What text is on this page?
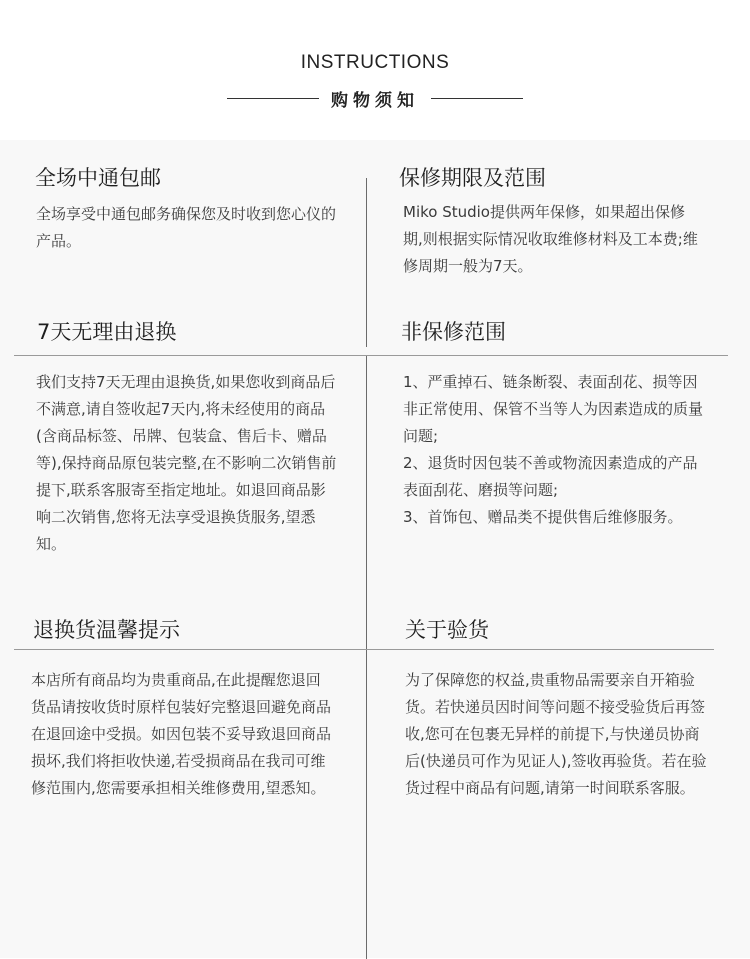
INSTRUCTIONS
购物须知
全场中通包邮
全场享受中通包邮务确保您及时收到您心仪的产品。
保修期限及范围
Miko Studio提供两年保修，如果超出保修期,则根据实际情况收取维修材料及工本费;维修周期一般为7天。
7天无理由退换
我们支持7天无理由退换货,如果您收到商品后不满意,请自签收起7天内,将未经使用的商品(含商品标签、吊牌、包装盒、售后卡、赠品等),保持商品原包装完整,在不影响二次销售前提下,联系客服寄至指定地址。如退回商品影响二次销售,您将无法享受退换货服务,望悉知。
非保修范围
1、严重掉石、链条断裂、表面刮花、损等因非正常使用、保管不当等人为因素造成的质量问题;
2、退货时因包装不善或物流因素造成的产品表面刮花、磨损等问题;
3、首饰包、赠品类不提供售后维修服务。
退换货温馨提示
本店所有商品均为贵重商品,在此提醒您退回货品请按收货时原样包装好完整退回避免商品在退回途中受损。如因包装不妥导致退回商品损坏,我们将拒收快递,若受损商品在我司可维修范围内,您需要承担相关维修费用,望悉知。
关于验货
为了保障您的权益,贵重物品需要亲自开箱验货。若快递员因时间等问题不接受验货后再签收,您可在包裹无异样的前提下,与快递员协商后(快递员可作为见证人),签收再验货。若在验货过程中商品有问题,请第一时间联系客服。
